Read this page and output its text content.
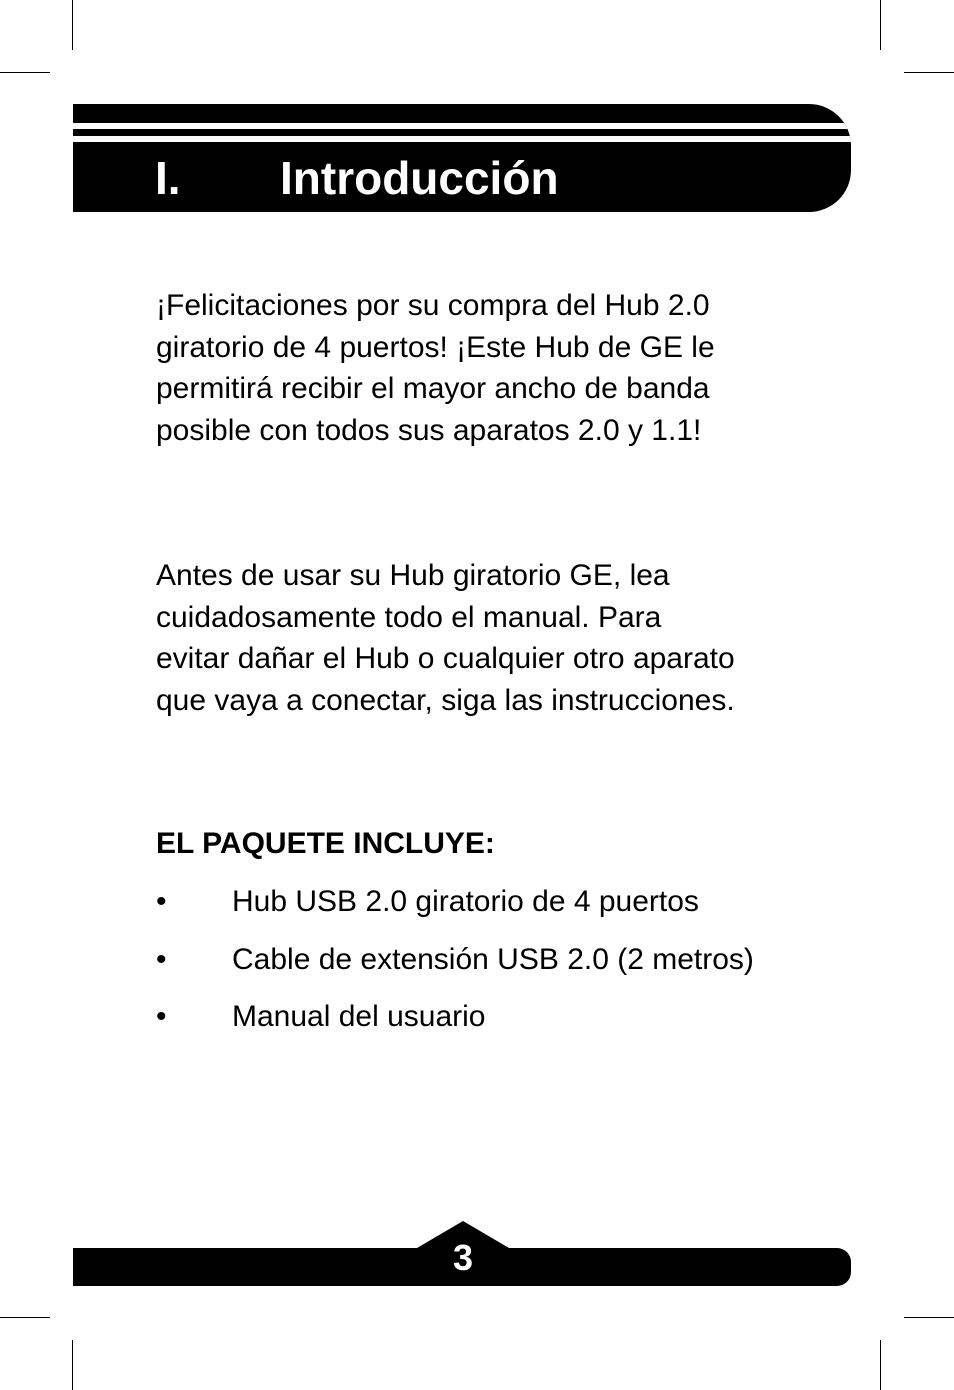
I. Introducción

¡Felicitaciones por su compra del Hub 2.0
giratorio de 4 puertos! ¡Este Hub de GE le
permitirá recibir el mayor ancho de banda
posible con todos sus aparatos 2.0 y 1.1!

Antes de usar su Hub giratorio GE, lea
cuidadosamente todo el manual. Para
evitar dañar el Hub o cualquier otro aparato
que vaya a conectar, siga las instrucciones.

EL PAQUETE INCLUYE:
• Hub USB 2.0 giratorio de 4 puertos
• Cable de extensión USB 2.0 (2 metros)
• Manual del usuario
3
